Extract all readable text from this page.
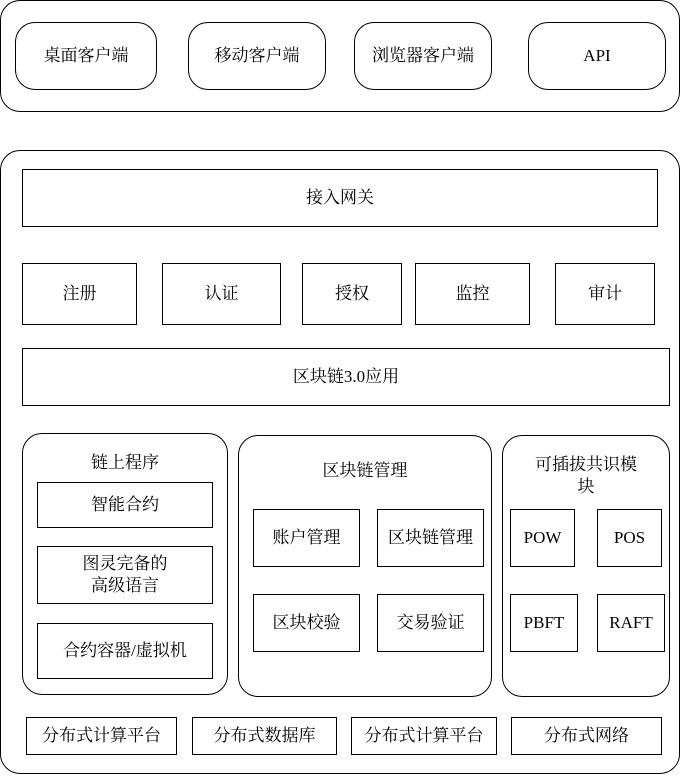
桌面客户端	移动客户端	浏览器客户端	API
接入网关
注册	认证	授权	监控	审计
区块链3.0应用
链上程序
智能合约
图灵完备的
高级语言
合约容器/虚拟机
区块链管理
账户管理	区块链管理
区块校验	交易验证
可插拔共识模
块
POW	POS
PBFT	RAFT
分布式计算平台	分布式数据库	分布式计算平台	分布式网络
